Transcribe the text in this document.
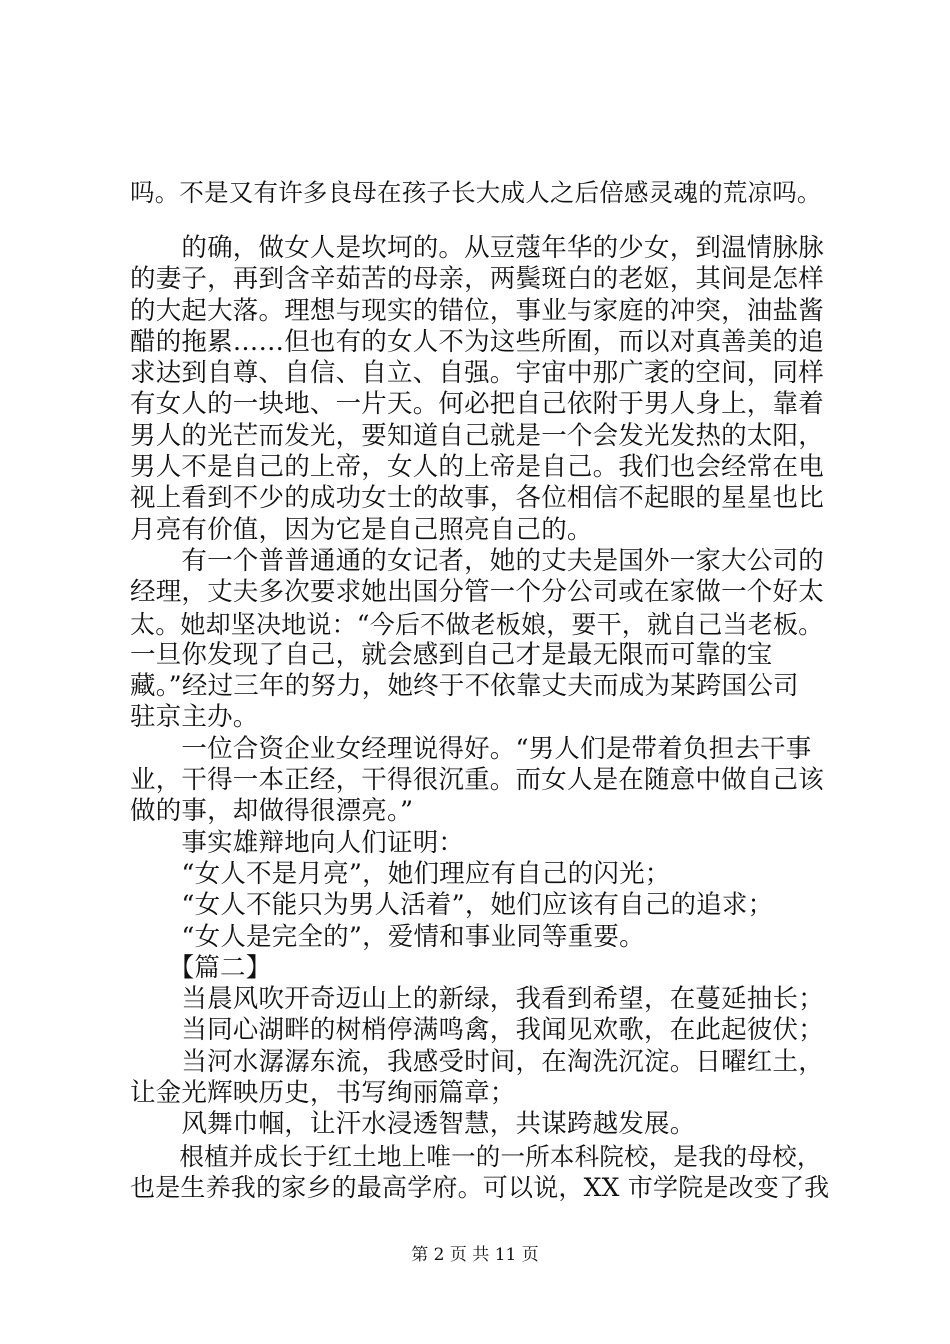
吗。不是又有许多良母在孩子长大成人之后倍感灵魂的荒凉吗。
　　的确，做女人是坎坷的。从豆蔻年华的少女，到温情脉脉
的妻子，再到含辛茹苦的母亲，两鬓斑白的老妪，其间是怎样
的大起大落。理想与现实的错位，事业与家庭的冲突，油盐酱
醋的拖累……但也有的女人不为这些所囿，而以对真善美的追
求达到自尊、自信、自立、自强。宇宙中那广袤的空间，同样
有女人的一块地、一片天。何必把自己依附于男人身上，靠着
男人的光芒而发光，要知道自己就是一个会发光发热的太阳，
男人不是自己的上帝，女人的上帝是自己。我们也会经常在电
视上看到不少的成功女士的故事，各位相信不起眼的星星也比
月亮有价值，因为它是自己照亮自己的。
　　有一个普普通通的女记者，她的丈夫是国外一家大公司的
经理，丈夫多次要求她出国分管一个分公司或在家做一个好太
太。她却坚决地说：“今后不做老板娘，要干，就自己当老板。
一旦你发现了自己，就会感到自己才是最无限而可靠的宝
藏。”经过三年的努力，她终于不依靠丈夫而成为某跨国公司
驻京主办。
　　一位合资企业女经理说得好。“男人们是带着负担去干事
业，干得一本正经，干得很沉重。而女人是在随意中做自己该
做的事，却做得很漂亮。”
　　事实雄辩地向人们证明：
　　“女人不是月亮”，她们理应有自己的闪光；
　　“女人不能只为男人活着”，她们应该有自己的追求；
　　“女人是完全的”，爱情和事业同等重要。
　　【篇二】
　　当晨风吹开奇迈山上的新绿，我看到希望，在蔓延抽长；
　　当同心湖畔的树梢停满鸣禽，我闻见欢歌，在此起彼伏；
　　当河水潺潺东流，我感受时间，在淘洗沉淀。日曜红土，
让金光辉映历史，书写绚丽篇章；
　　风舞巾帼，让汗水浸透智慧，共谋跨越发展。
　　根植并成长于红土地上唯一的一所本科院校，是我的母校，
也是生养我的家乡的最高学府。可以说，XX 市学院是改变了我
第 2 页 共 11 页
